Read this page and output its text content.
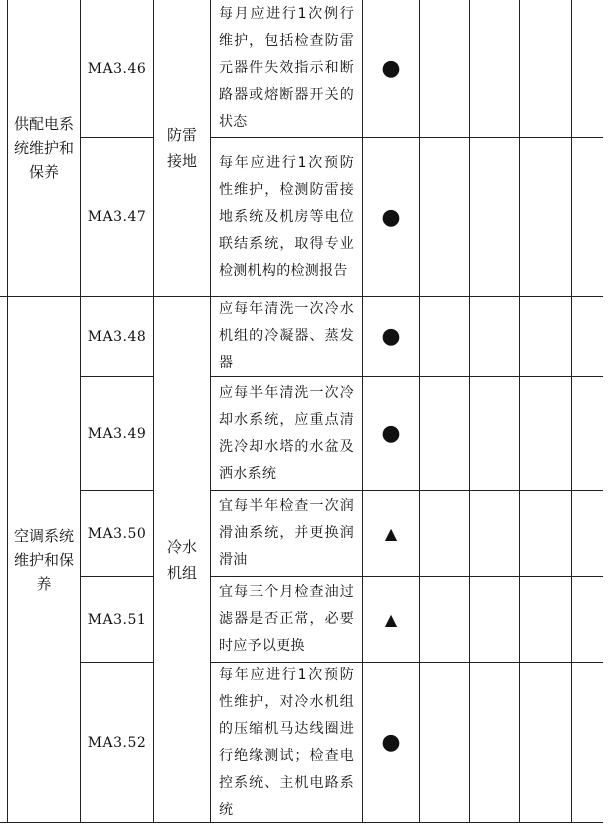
供配电系统维护和保养
MA3.46
防雷接地
每月应进行1次例行维护，包括检查防雷元器件失效指示和断路器或熔断器开关的状态
●
MA3.47
每年应进行1次预防性维护，检测防雷接地系统及机房等电位联结系统，取得专业检测机构的检测报告
●
空调系统维护和保养
冷水机组
MA3.48
应每年清洗一次冷水机组的冷凝器、蒸发器
●
MA3.49
应每半年清洗一次冷却水系统，应重点清洗冷却水塔的水盆及洒水系统
●
MA3.50
宜每半年检查一次润滑油系统，并更换润滑油
▲
MA3.51
宜每三个月检查油过滤器是否正常，必要时应予以更换
▲
MA3.52
每年应进行1次预防性维护，对冷水机组的压缩机马达线圈进行绝缘测试；检查电控系统、主机电路系统
●
